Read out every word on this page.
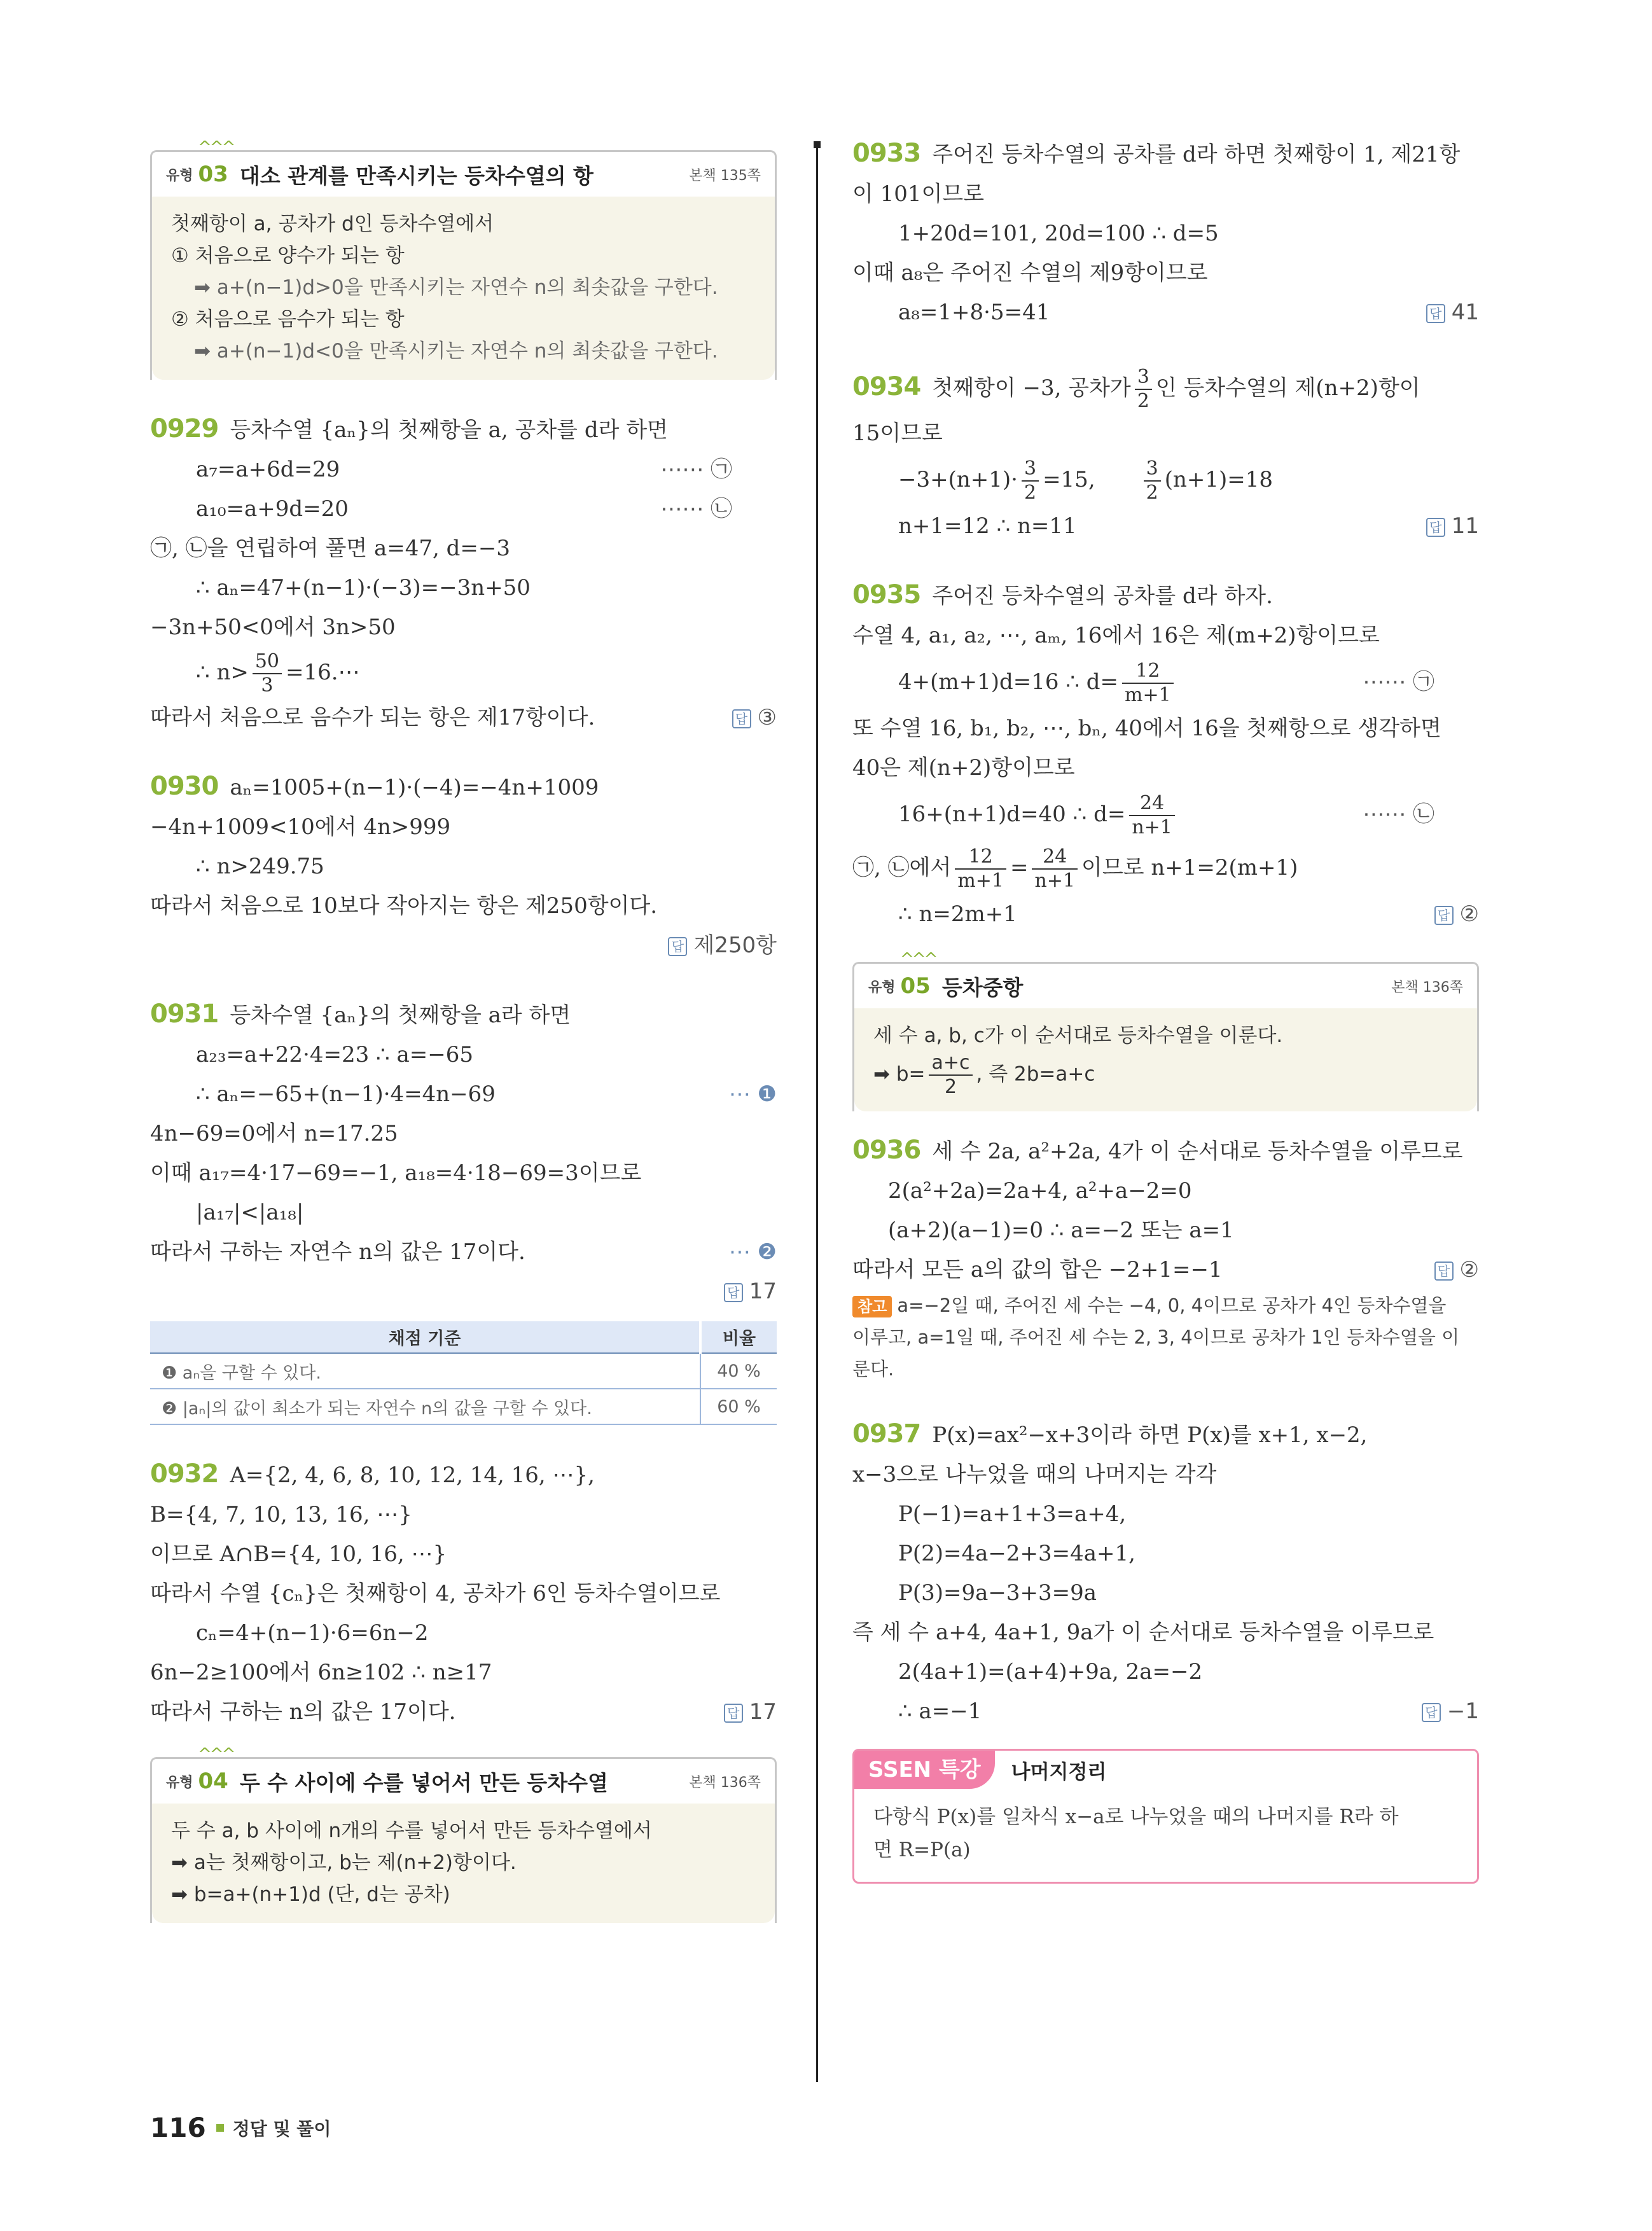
^^^
유형 03 대소 관계를 만족시키는 등차수열의 항	본책 135쪽
첫째항이 a, 공차가 d인 등차수열에서
① 처음으로 양수가 되는 항
➡ a+(n−1)d>0을 만족시키는 자연수 n의 최솟값을 구한다.
② 처음으로 음수가 되는 항
➡ a+(n−1)d<0을 만족시키는 자연수 n의 최솟값을 구한다.
0929 등차수열 {aₙ}의 첫째항을 a, 공차를 d라 하면
a₇=a+6d=29	⋯⋯ ㉠
a₁₀=a+9d=20	⋯⋯ ㉡
㉠, ㉡을 연립하여 풀면 a=47, d=−3
∴ aₙ=47+(n−1)·(−3)=−3n+50
−3n+50<0에서 3n>50
∴ $n> \frac{50}{3}$ =16.⋯
따라서 처음으로 음수가 되는 항은 제17항이다.	답 ③
0930 aₙ=1005+(n−1)·(−4)=−4n+1009
−4n+1009<10에서 4n>999
∴ n>249.75
따라서 처음으로 10보다 작아지는 항은 제250항이다.
답 제250항
0931 등차수열 {aₙ}의 첫째항을 a라 하면
a₂₃=a+22·4=23 ∴ a=−65
∴ aₙ=−65+(n−1)·4=4n−69	⋯ ❶
4n−69=0에서 n=17.25
이때 a₁₇=4·17−69=−1, a₁₈=4·18−69=3이므로
|a₁₇|<|a₁₈|
따라서 구하는 자연수 n의 값은 17이다.	⋯ ❷
답 17
채점 기준	비율
❶ aₙ을 구할 수 있다.	40 %
❷ |aₙ|의 값이 최소가 되는 자연수 n의 값을 구할 수 있다.	60 %
0932 A={2, 4, 6, 8, 10, 12, 14, 16, ⋯},
B={4, 7, 10, 13, 16, ⋯}
이므로 A∩B={4, 10, 16, ⋯}
따라서 수열 {cₙ}은 첫째항이 4, 공차가 6인 등차수열이므로
cₙ=4+(n−1)·6=6n−2
6n−2≥100에서 6n≥102 ∴ n≥17
따라서 구하는 n의 값은 17이다.	답 17
^^^
유형 04 두 수 사이에 수를 넣어서 만든 등차수열	본책 136쪽
두 수 a, b 사이에 n개의 수를 넣어서 만든 등차수열에서
➡ a는 첫째항이고, b는 제(n+2)항이다.
➡ b=a+(n+1)d (단, d는 공차)
0933 주어진 등차수열의 공차를 d라 하면 첫째항이 1, 제21항
이 101이므로
1+20d=101, 20d=100 ∴ d=5
이때 a₈은 주어진 수열의 제9항이므로
a₈=1+8·5=41	답 41
0934 첫째항이 −3, 공차가 $\frac{3}{2}$ 인 등차수열의 제(n+2)항이
15이므로
$-3+(n+1)\cdot \frac{3}{2} =15$,	$\frac{3}{2} (n+1)=18$
n+1=12 ∴ n=11	답 11
0935 주어진 등차수열의 공차를 d라 하자.
수열 4, a₁, a₂, ⋯, aₘ, 16에서 16은 제(m+2)항이므로
4+(m+1)d=16 ∴ $d= \frac{12}{m+1}$	⋯⋯ ㉠
또 수열 16, b₁, b₂, ⋯, bₙ, 40에서 16을 첫째항으로 생각하면
40은 제(n+2)항이므로
16+(n+1)d=40 ∴ $d= \frac{24}{n+1}$	⋯⋯ ㉡
㉠, ㉡에서 $\frac{12}{m+1} = \frac{24}{n+1}$ 이므로 n+1=2(m+1)
∴ n=2m+1	답 ②
^^^
유형 05 등차중항	본책 136쪽
세 수 a, b, c가 이 순서대로 등차수열을 이룬다.
➡ $b= \frac{a+c}{2}$ , 즉 2b=a+c
0936 세 수 2a, a²+2a, 4가 이 순서대로 등차수열을 이루므로
2(a²+2a)=2a+4, a²+a−2=0
(a+2)(a−1)=0 ∴ a=−2 또는 a=1
따라서 모든 a의 값의 합은 −2+1=−1	답 ②
참고 a=−2일 때, 주어진 세 수는 −4, 0, 4이므로 공차가 4인 등차수열을
이루고, a=1일 때, 주어진 세 수는 2, 3, 4이므로 공차가 1인 등차수열을 이
룬다.
0937 P(x)=ax²−x+3이라 하면 P(x)를 x+1, x−2,
x−3으로 나누었을 때의 나머지는 각각
P(−1)=a+1+3=a+4,
P(2)=4a−2+3=4a+1,
P(3)=9a−3+3=9a
즉 세 수 a+4, 4a+1, 9a가 이 순서대로 등차수열을 이루므로
2(4a+1)=(a+4)+9a, 2a=−2
∴ a=−1	답 −1
SSEN 특강	나머지정리
다항식 P(x)를 일차식 x−a로 나누었을 때의 나머지를 R라 하
면 R=P(a)
116 정답 및 풀이
